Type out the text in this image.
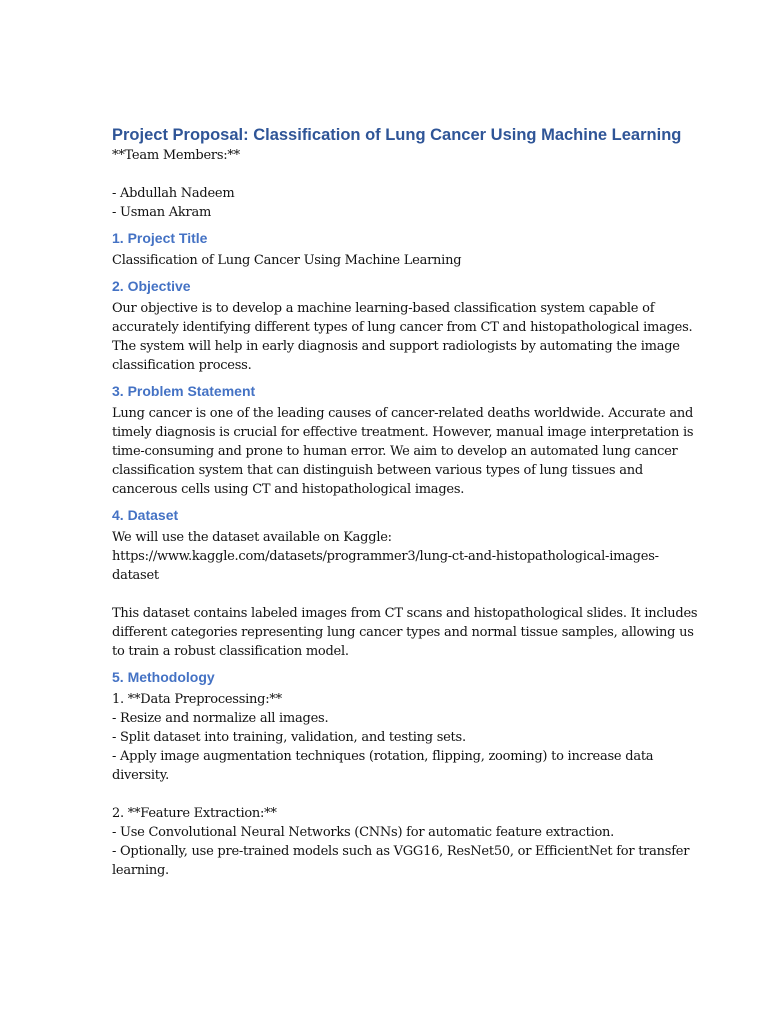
Project Proposal: Classification of Lung Cancer Using Machine Learning
**Team Members:**
- Abdullah Nadeem
- Usman Akram
1. Project Title
Classification of Lung Cancer Using Machine Learning
2. Objective
Our objective is to develop a machine learning-based classification system capable of
accurately identifying different types of lung cancer from CT and histopathological images.
The system will help in early diagnosis and support radiologists by automating the image
classification process.
3. Problem Statement
Lung cancer is one of the leading causes of cancer-related deaths worldwide. Accurate and
timely diagnosis is crucial for effective treatment. However, manual image interpretation is
time-consuming and prone to human error. We aim to develop an automated lung cancer
classification system that can distinguish between various types of lung tissues and
cancerous cells using CT and histopathological images.
4. Dataset
We will use the dataset available on Kaggle:
https://www.kaggle.com/datasets/programmer3/lung-ct-and-histopathological-images-
dataset
This dataset contains labeled images from CT scans and histopathological slides. It includes
different categories representing lung cancer types and normal tissue samples, allowing us
to train a robust classification model.
5. Methodology
1. **Data Preprocessing:**
- Resize and normalize all images.
- Split dataset into training, validation, and testing sets.
- Apply image augmentation techniques (rotation, flipping, zooming) to increase data
diversity.
2. **Feature Extraction:**
- Use Convolutional Neural Networks (CNNs) for automatic feature extraction.
- Optionally, use pre-trained models such as VGG16, ResNet50, or EfficientNet for transfer
learning.
